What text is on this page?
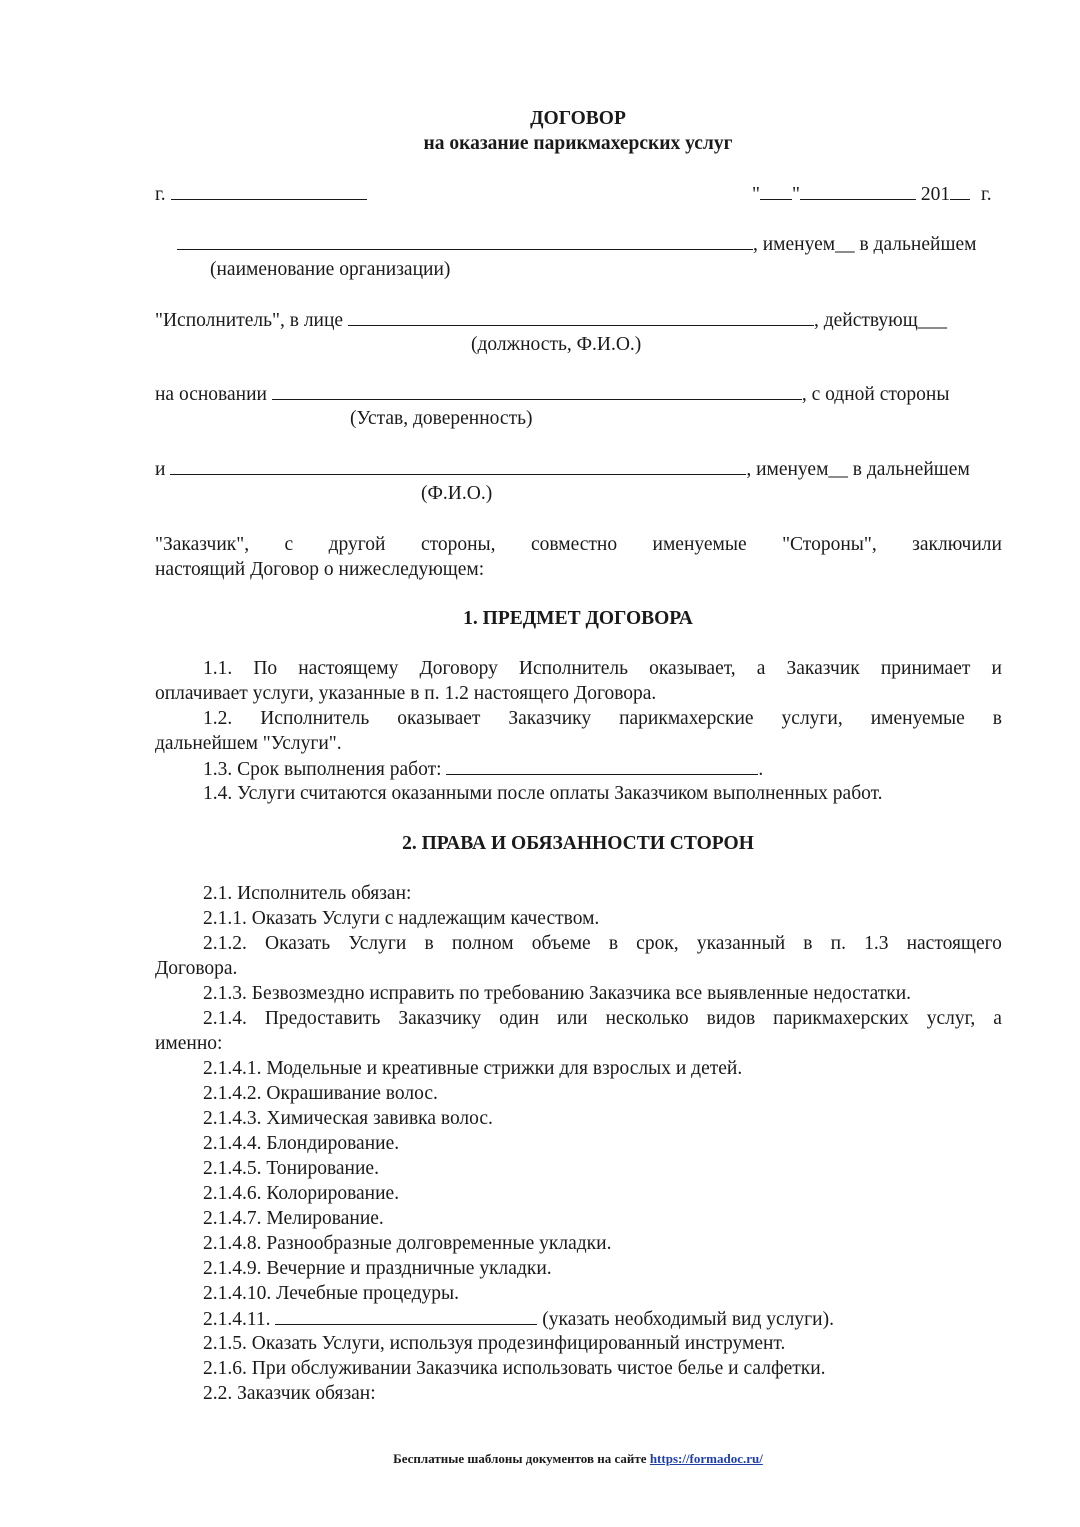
ДОГОВОР
на оказание парикмахерских услуг
г.	" "	201 г.
, именуем__ в дальнейшем
(наименование организации)
"Исполнитель", в лице	, действующ___
(должность, Ф.И.О.)
на основании	, с одной стороны
(Устав, доверенность)
и	, именуем__ в дальнейшем
(Ф.И.О.)
"Заказчик", с другой стороны, совместно именуемые "Стороны", заключили
настоящий Договор о нижеследующем:
1. ПРЕДМЕТ ДОГОВОРА
1.1. По настоящему Договору Исполнитель оказывает, а Заказчик принимает и
оплачивает услуги, указанные в п. 1.2 настоящего Договора.
1.2. Исполнитель оказывает Заказчику парикмахерские услуги, именуемые в
дальнейшем "Услуги".
1.3. Срок выполнения работ:	.
1.4. Услуги считаются оказанными после оплаты Заказчиком выполненных работ.
2. ПРАВА И ОБЯЗАННОСТИ СТОРОН
2.1. Исполнитель обязан:
2.1.1. Оказать Услуги с надлежащим качеством.
2.1.2. Оказать Услуги в полном объеме в срок, указанный в п. 1.3 настоящего
Договора.
2.1.3. Безвозмездно исправить по требованию Заказчика все выявленные недостатки.
2.1.4. Предоставить Заказчику один или несколько видов парикмахерских услуг, а
именно:
2.1.4.1. Модельные и креативные стрижки для взрослых и детей.
2.1.4.2. Окрашивание волос.
2.1.4.3. Химическая завивка волос.
2.1.4.4. Блондирование.
2.1.4.5. Тонирование.
2.1.4.6. Колорирование.
2.1.4.7. Мелирование.
2.1.4.8. Разнообразные долговременные укладки.
2.1.4.9. Вечерние и праздничные укладки.
2.1.4.10. Лечебные процедуры.
2.1.4.11.	(указать необходимый вид услуги).
2.1.5. Оказать Услуги, используя продезинфицированный инструмент.
2.1.6. При обслуживании Заказчика использовать чистое белье и салфетки.
2.2. Заказчик обязан:
Бесплатные шаблоны документов на сайте https://formadoc.ru/
